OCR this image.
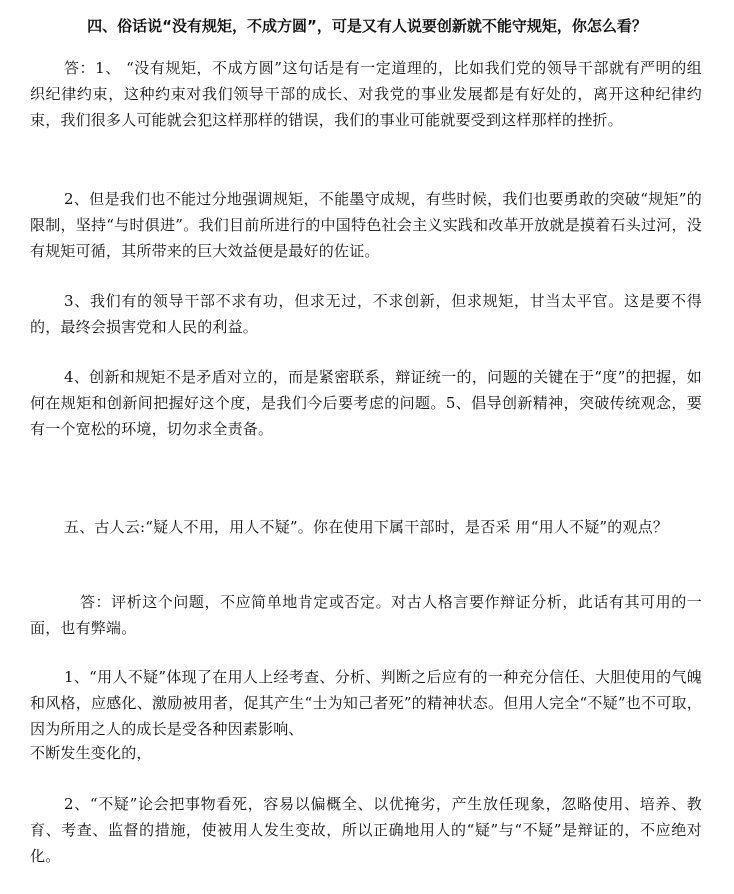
四、俗话说“没有规矩，不成方圆”，可是又有人说要创新就不能守规矩，你怎么看？

答：1、 “没有规矩，不成方圆”这句话是有一定道理的，比如我们党的领导干部就有严明的组织纪律约束，这种约束对我们领导干部的成长、对我党的事业发展都是有好处的，离开这种纪律约束，我们很多人可能就会犯这样那样的错误，我们的事业可能就要受到这样那样的挫折。

2、但是我们也不能过分地强调规矩，不能墨守成规，有些时候，我们也要勇敢的突破“规矩”的限制，坚持“与时俱进”。我们目前所进行的中国特色社会主义实践和改革开放就是摸着石头过河，没有规矩可循，其所带来的巨大效益便是最好的佐证。

3、我们有的领导干部不求有功，但求无过，不求创新，但求规矩，甘当太平官。这是要不得的，最终会损害党和人民的利益。

4、创新和规矩不是矛盾对立的，而是紧密联系，辩证统一的，问题的关键在于“度”的把握，如何在规矩和创新间把握好这个度，是我们今后要考虑的问题。5、倡导创新精神，突破传统观念，要有一个宽松的环境，切勿求全责备。

五、古人云:“疑人不用，用人不疑”。你在使用下属干部时，是否采 用“用人不疑”的观点？

答：评析这个问题，不应简单地肯定或否定。对古人格言要作辩证分析，此话有其可用的一面，也有弊端。

1、“用人不疑”体现了在用人上经考查、分析、判断之后应有的一种充分信任、大胆使用的气魄和风格，应感化、激励被用者，促其产生“士为知己者死”的精神状态。但用人完全“不疑”也不可取，因为所用之人的成长是受各种因素影响、

不断发生变化的，

2、“不疑”论会把事物看死，容易以偏概全、以优掩劣，产生放任现象，忽略使用、培养、教育、考查、监督的措施，使被用人发生变故，所以正确地用人的“疑”与“不疑”是辩证的，不应绝对化。
